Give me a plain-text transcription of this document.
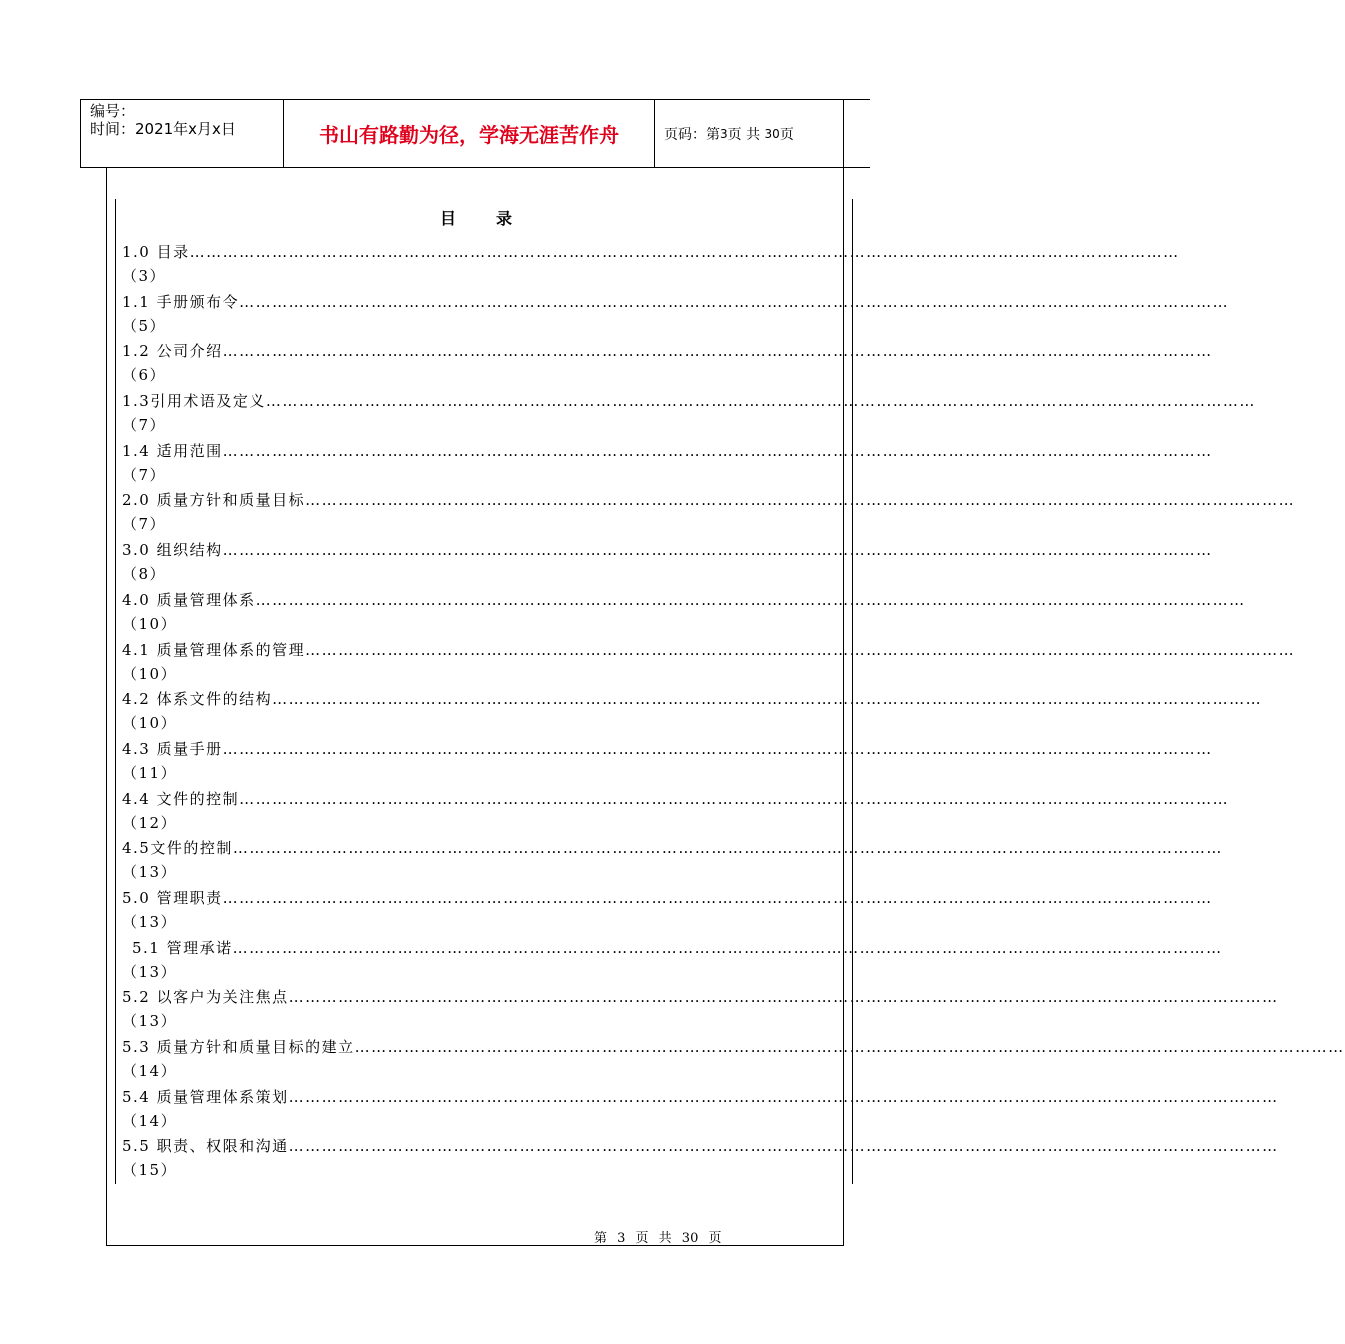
编号：
时间：2021年x月x日	书山有路勤为径，学海无涯苦作舟	页码：第 3 页 共
30 页
目录
1.0 目录………………………………………………………………………………………………………………………………………………………………
（3）
1.1 手册颁布令………………………………………………………………………………………………………………………………………………………………
（5）
1.2 公司介绍………………………………………………………………………………………………………………………………………………………………
（6）
1.3引用术语及定义………………………………………………………………………………………………………………………………………………………………
（7）
1.4 适用范围………………………………………………………………………………………………………………………………………………………………
（7）
2.0 质量方针和质量目标………………………………………………………………………………………………………………………………………………………………
（7）
3.0 组织结构………………………………………………………………………………………………………………………………………………………………
（8）
4.0 质量管理体系………………………………………………………………………………………………………………………………………………………………
（10）
4.1 质量管理体系的管理………………………………………………………………………………………………………………………………………………………………
（10）
4.2 体系文件的结构………………………………………………………………………………………………………………………………………………………………
（10）
4.3 质量手册………………………………………………………………………………………………………………………………………………………………
（11）
4.4 文件的控制………………………………………………………………………………………………………………………………………………………………
（12）
4.5文件的控制………………………………………………………………………………………………………………………………………………………………
（13）
5.0 管理职责………………………………………………………………………………………………………………………………………………………………
（13）
5.1 管理承诺………………………………………………………………………………………………………………………………………………………………
（13）
5.2 以客户为关注焦点………………………………………………………………………………………………………………………………………………………………
（13）
5.3 质量方针和质量目标的建立………………………………………………………………………………………………………………………………………………………………
（14）
5.4 质量管理体系策划………………………………………………………………………………………………………………………………………………………………
（14）
5.5 职责、权限和沟通………………………………………………………………………………………………………………………………………………………………
（15）
第 3 页 共 30 页
